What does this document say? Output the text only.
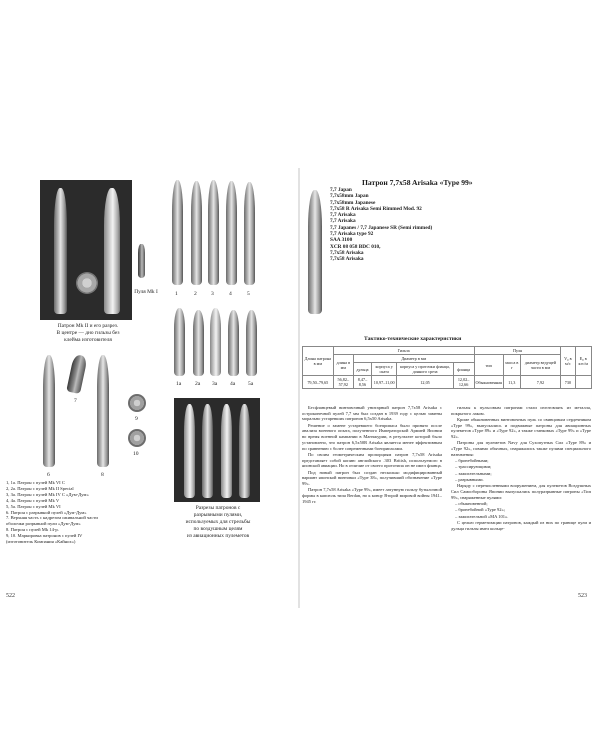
Патрон Mk II и его разрез.
В центре — дно гильзы без
клейма изготовителя
Пуля Mk I	1	2	3	4	5
1a 2a 3a 4a 5a
7
6	8
9
10
Разрезы патронов с
разрывными пулями,
используемых для стрельбы
по воздушным целям
из авиационных пулеметов
1, 1a. Патрон с пулей Mk VI C
2, 2a. Патрон с пулей Mk II Special
3, 3a. Патрон с пулей Mk IV C «Дум-Дум»
4, 4a. Патрон с пулей Mk V
5, 5a. Патрон с пулей Mk VI
6. Патрон с разрывной пулей «Дум-Дум»
7. Верхняя часть с надрезом оживальной части
оболочки разрывной пули «Дум-Дум»
8. Патрон с пулей Mk 14-p.
9, 10. Маркировка патронов с пулей IV
(изготовитель Компания «Кайнох»)
522
Патрон 7,7x58 Arisaka «Type 99»
7,7 Japan
7,7x58mm Japan
7,7x58mm Japanese
7,7x58 R Arisaka Semi Rimmed Mod. 92
7,7 Arisaka
7,7 Arisaka
7,7 Japanes / 7,7 Japanese SR (Semi rimmed)
7,7 Arisaka type 92
SAA 3100
XCR 08 058 BDC 010,
7,7x58 Arisaka
7,7x58 Arisaka
Тактико-технические характеристики
Длина патрона в мм	Гильза					Пуля			V₀ в м/с	E₀ в кгс/м
	длина в мм	Диаметр в мм				тип	масса в г	диаметр ведущей части в мм		
		дульца	корпуса у ската	корпуса у проточки фланца, донного среза	фланца					
79,50–79,65	56,82–57,92	8,47–8,56	10,97–11,00	12,05	12,02–12,66	Обыкновенная	11,3	7,92	730	

Бесфланцевый винтовочный унитарный патрон 7,7x58 Arisaka с остроконечной пулей 7,7 мм был создан в 1939 году с целью замены морально устаревших патронов 6,5x50 Arisaka.

Решение о замене устаревшего боеприпаса было принято после анализа военного опыта, полученного Императорской Армией Японии во время военной кампании в Манчжурии, в результате которой было установлено, что патрон 6,5x50R Arisaka является менее эффективным по сравнению с более современными боеприпасами.

По своим геометрическим пропорциям патрон 7,7x58 Arisaka представляет собой копию английского .303 British, используемого в японской авиации. Но в отличие от своего прототипа он не имел фланца.

Под новый патрон был создан несколько модифицированный вариант японской винтовки «Type 38», получивший обозначение «Type 99».

Патрон 7,7x58 Arisaka «Type 99», имеет латунную гильзу бутылочной формы в капсюль типа Berdan, но к концу Второй мировой войны 1941–1945 гг.

гильзы к пульсовым патронам стали изготовлять из металла, покрытого лаком.

Кроме обыкновенных винтовочных пуль со свинцовым сердечником «Type 99», выпускались и подвижные патроны для авиационных пулеметов «Type 89» и «Type 92», а также станковых «Type 99» и «Type 92».

Патроны для пулеметов Navy для Сухопутных Сил «Type 89» и «Type 92», помимо обычных, снаряжались также пулями специального назначения:

– бронебойными;

– трассирующими;

– зажигательными;

– разрывными.

Наряду с перечисленными вооружением, для пулеметов Воздушных Сил Самообороны Японии выпускались полуразрывные патроны «Тип 99», снаряженные пулями:

– обыкновенной;

– бронебойной «Type 92»;

– зажигательной «MA 101».

С целью герметизации патронов, каждый из них по границе пули и дульца гильзы имел кольце-

523
